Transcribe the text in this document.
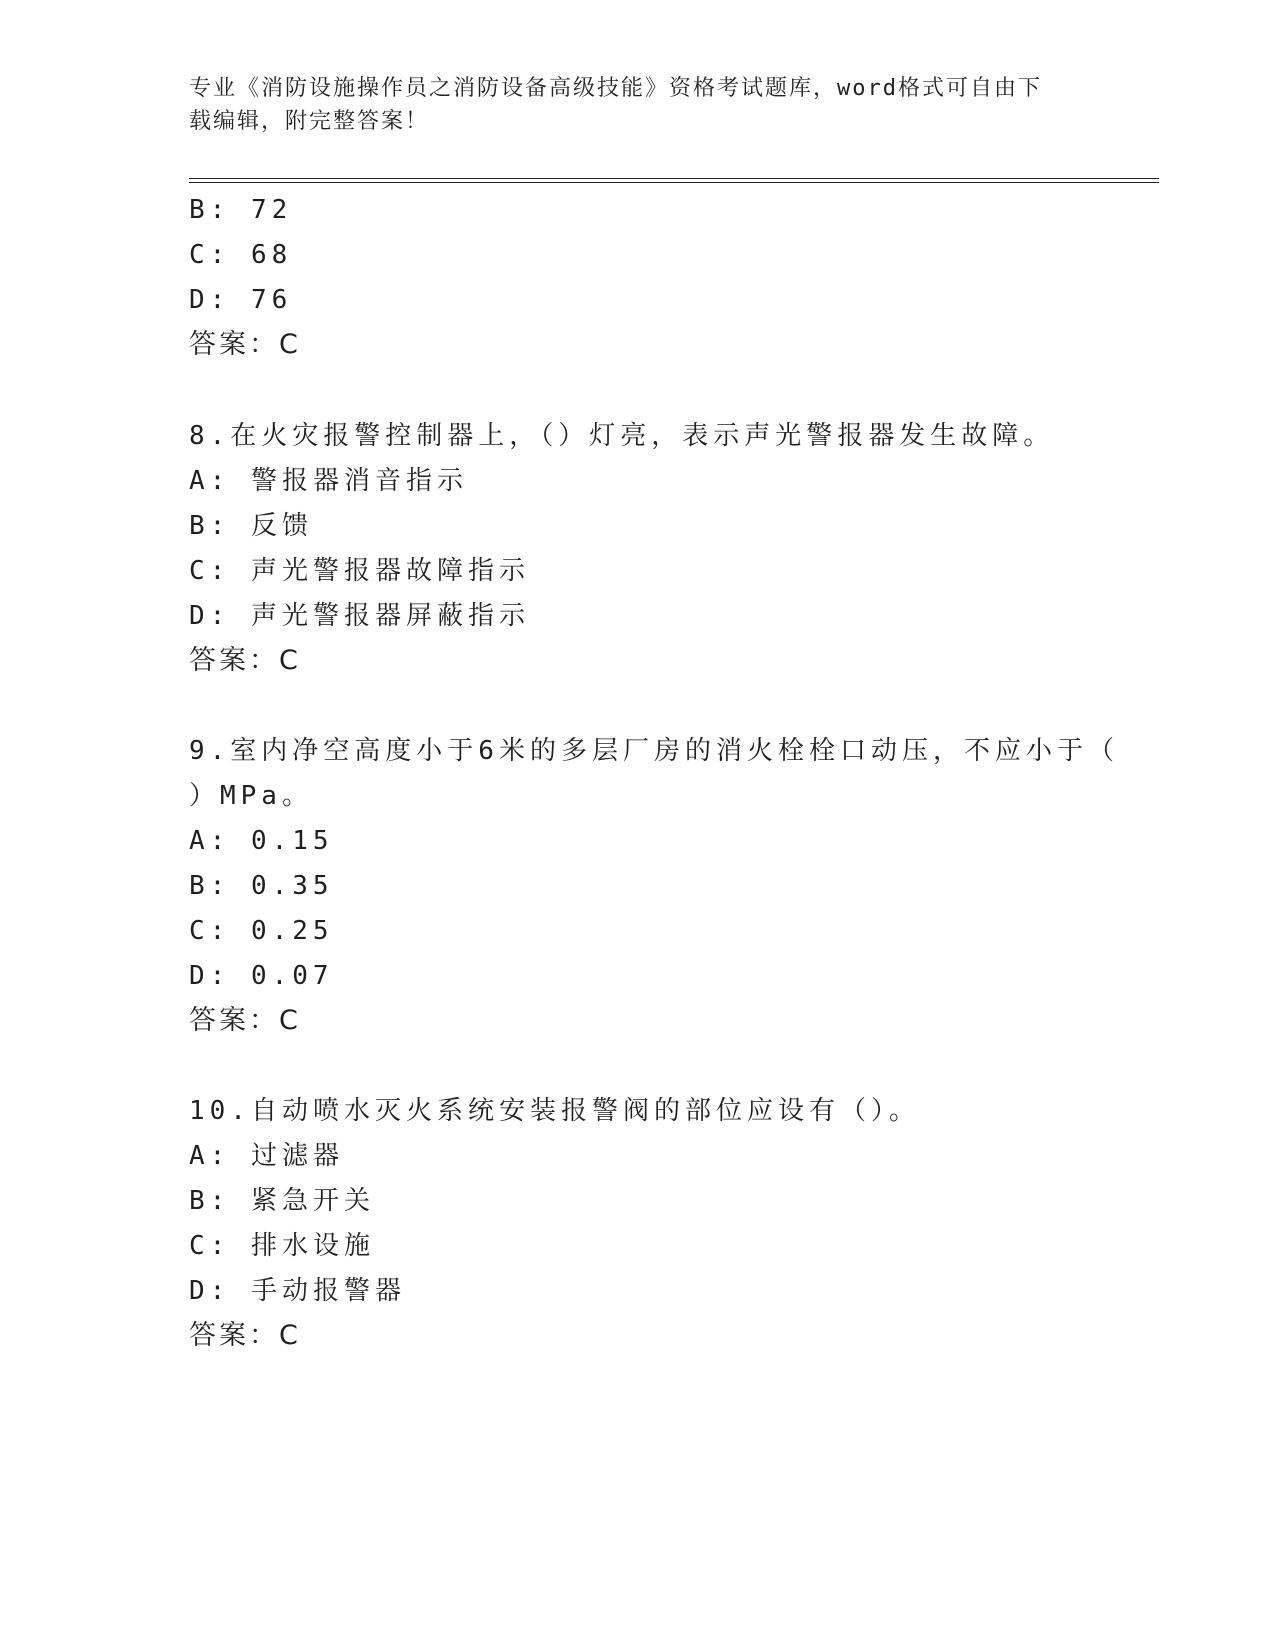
专业《消防设施操作员之消防设备高级技能》资格考试题库，word格式可自由下
载编辑，附完整答案！
B: 72
C: 68
D: 76
答案：C
8.在火灾报警控制器上，（）灯亮，表示声光警报器发生故障。
A: 警报器消音指示
B: 反馈
C: 声光警报器故障指示
D: 声光警报器屏蔽指示
答案：C
9.室内净空高度小于6米的多层厂房的消火栓栓口动压，不应小于（
）MPa。
A: 0.15
B: 0.35
C: 0.25
D: 0.07
答案：C
10.自动喷水灭火系统安装报警阀的部位应设有（）。
A: 过滤器
B: 紧急开关
C: 排水设施
D: 手动报警器
答案：C
